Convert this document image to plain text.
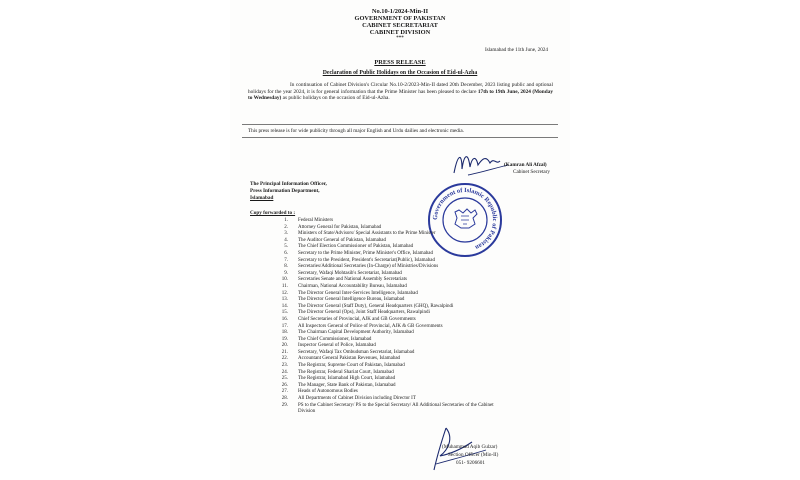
No.10-1/2024-Min-II
GOVERNMENT OF PAKISTAN
CABINET SECRETARIAT
CABINET DIVISION
***
Islamabad the 11th June, 2024
PRESS RELEASE
Declaration of Public Holidays on the Occasion of Eid-ul-Azha
In continuation of Cabinet Division's Circular No.10-2/2023-Min-II dated 20th December, 2023 listing public and optional holidays for the year 2024, it is for general information that the Prime Minister has been pleased to declare 17th to 19th June, 2024 (Monday to Wednesday) as public holidays on the occasion of Eid-ul-Azha.
This press release is for wide publicity through all major English and Urdu dailies and electronic media.
(Kamran Ali Afzal)
Cabinet Secretary
The Principal Information Officer,
Press Information Department,
Islamabad
Government of Islamic Republic of Pakistan
Copy forwarded to :
1. Federal Ministers
2. Attorney General for Pakistan, Islamabad
3. Ministers of State/Advisors/ Special Assistants to the Prime Minister
4. The Auditor General of Pakistan, Islamabad
5. The Chief Election Commissioner of Pakistan, Islamabad
6. Secretary to the Prime Minister, Prime Minister's Office, Islamabad
7. Secretary to the President, President's Secretariat(Public), Islamabad
8. Secretaries/Additional Secretaries (In-Charge) of Ministries/Divisions
9. Secretary, Wafaqi Mohtasib's Secretariat, Islamabad
10. Secretaries Senate and National Assembly Secretariats
11. Chairman, National Accountability Bureau, Islamabad
12. The Director General Inter-Services Intelligence, Islamabad
13. The Director General Intelligence Bureau, Islamabad
14. The Director General (Staff Duty), General Headquarters (GHQ), Rawalpindi
15. The Director General (Ops), Joint Staff Headquarters, Rawalpindi
16. Chief Secretaries of Provincial, AJK and GB Governments
17. All Inspectors General of Police of Provincial, AJK & GB Governments
18. The Chairman Capital Development Authority, Islamabad
19. The Chief Commissioner, Islamabad
20. Inspector General of Police, Islamabad
21. Secretary, Wafaqi Tax Ombudsman Secretariat, Islamabad
22. Accountant General Pakistan Revenues, Islamabad
23. The Registrar, Supreme Court of Pakistan, Islamabad
24. The Registrar, Federal Shariat Court, Islamabad
25. The Registrar, Islamabad High Court, Islamabad
26. The Manager, State Bank of Pakistan, Islamabad
27. Heads of Autonomous Bodies
28. All Departments of Cabinet Division including Director IT
29. PS to the Cabinet Secretary/ PS to the Special Secretary/ All Additional Secretaries of the Cabinet
Division
(Muhammad Aqib Gulzar)
Section Officer (Min-II)
051- 9206601
